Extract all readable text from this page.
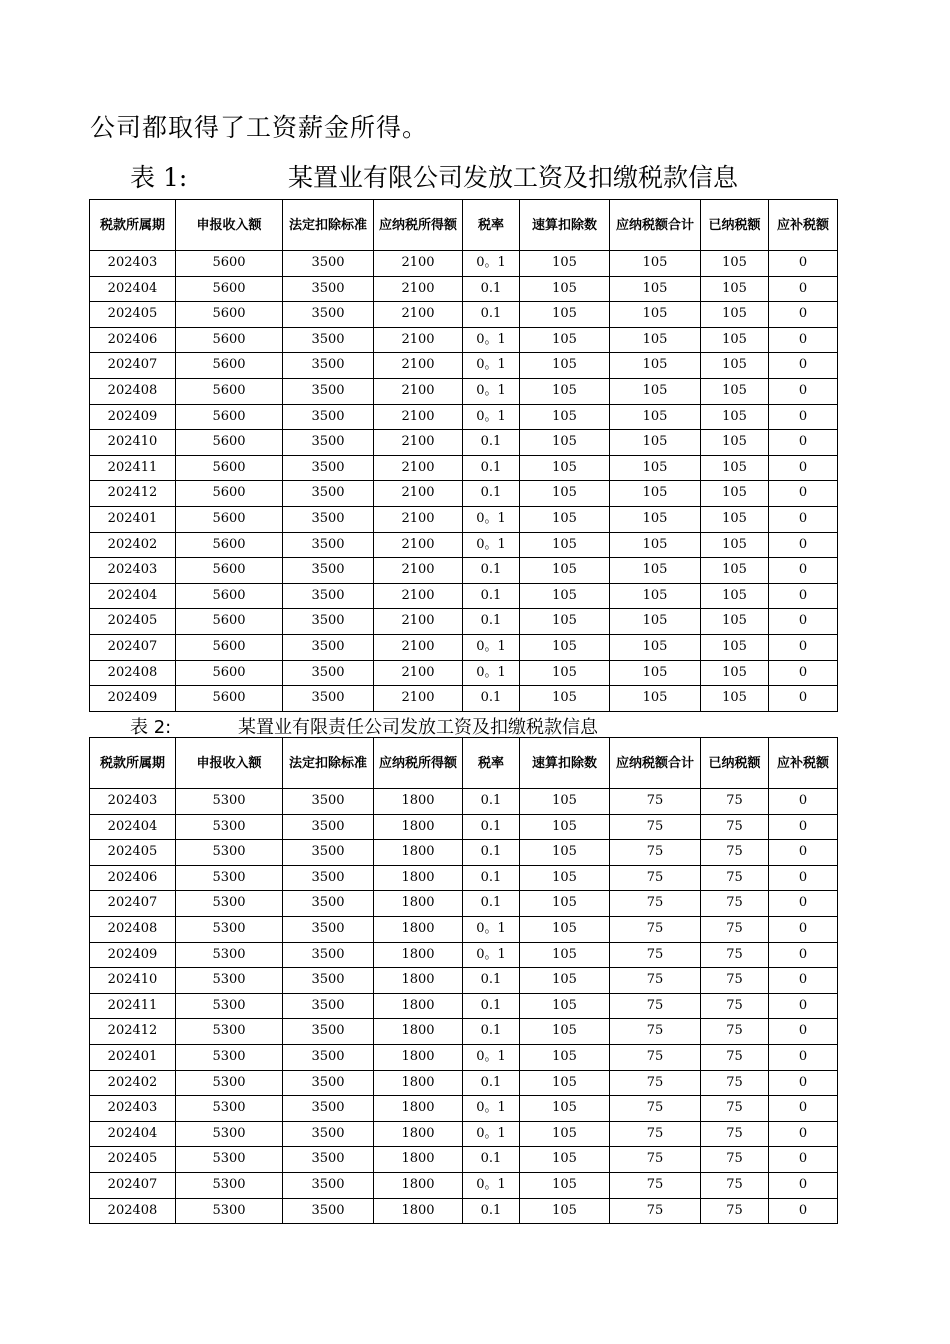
公司都取得了工资薪金所得。
表 1:	某置业有限公司发放工资及扣缴税款信息
税款所属期	申报收入额	法定扣除标准	应纳税所得额	税率	速算扣除数	应纳税额合计	已纳税额	应补税额

202403	5600	3500	2100	0。1	105	105	105	0
202404	5600	3500	2100	0.1	105	105	105	0
202405	5600	3500	2100	0.1	105	105	105	0
202406	5600	3500	2100	0。1	105	105	105	0
202407	5600	3500	2100	0。1	105	105	105	0
202408	5600	3500	2100	0。1	105	105	105	0
202409	5600	3500	2100	0。1	105	105	105	0
202410	5600	3500	2100	0.1	105	105	105	0
202411	5600	3500	2100	0.1	105	105	105	0
202412	5600	3500	2100	0.1	105	105	105	0
202401	5600	3500	2100	0。1	105	105	105	0
202402	5600	3500	2100	0。1	105	105	105	0
202403	5600	3500	2100	0.1	105	105	105	0
202404	5600	3500	2100	0.1	105	105	105	0
202405	5600	3500	2100	0.1	105	105	105	0
202407	5600	3500	2100	0。1	105	105	105	0
202408	5600	3500	2100	0。1	105	105	105	0
202409	5600	3500	2100	0.1	105	105	105	0
表 2:	某置业有限责任公司发放工资及扣缴税款信息
税款所属期	申报收入额	法定扣除标准	应纳税所得额	税率	速算扣除数	应纳税额合计	已纳税额	应补税额

202403	5300	3500	1800	0.1	105	75	75	0
202404	5300	3500	1800	0.1	105	75	75	0
202405	5300	3500	1800	0.1	105	75	75	0
202406	5300	3500	1800	0.1	105	75	75	0
202407	5300	3500	1800	0.1	105	75	75	0
202408	5300	3500	1800	0。1	105	75	75	0
202409	5300	3500	1800	0。1	105	75	75	0
202410	5300	3500	1800	0.1	105	75	75	0
202411	5300	3500	1800	0.1	105	75	75	0
202412	5300	3500	1800	0.1	105	75	75	0
202401	5300	3500	1800	0。1	105	75	75	0
202402	5300	3500	1800	0.1	105	75	75	0
202403	5300	3500	1800	0。1	105	75	75	0
202404	5300	3500	1800	0。1	105	75	75	0
202405	5300	3500	1800	0.1	105	75	75	0
202407	5300	3500	1800	0。1	105	75	75	0
202408	5300	3500	1800	0.1	105	75	75	0
